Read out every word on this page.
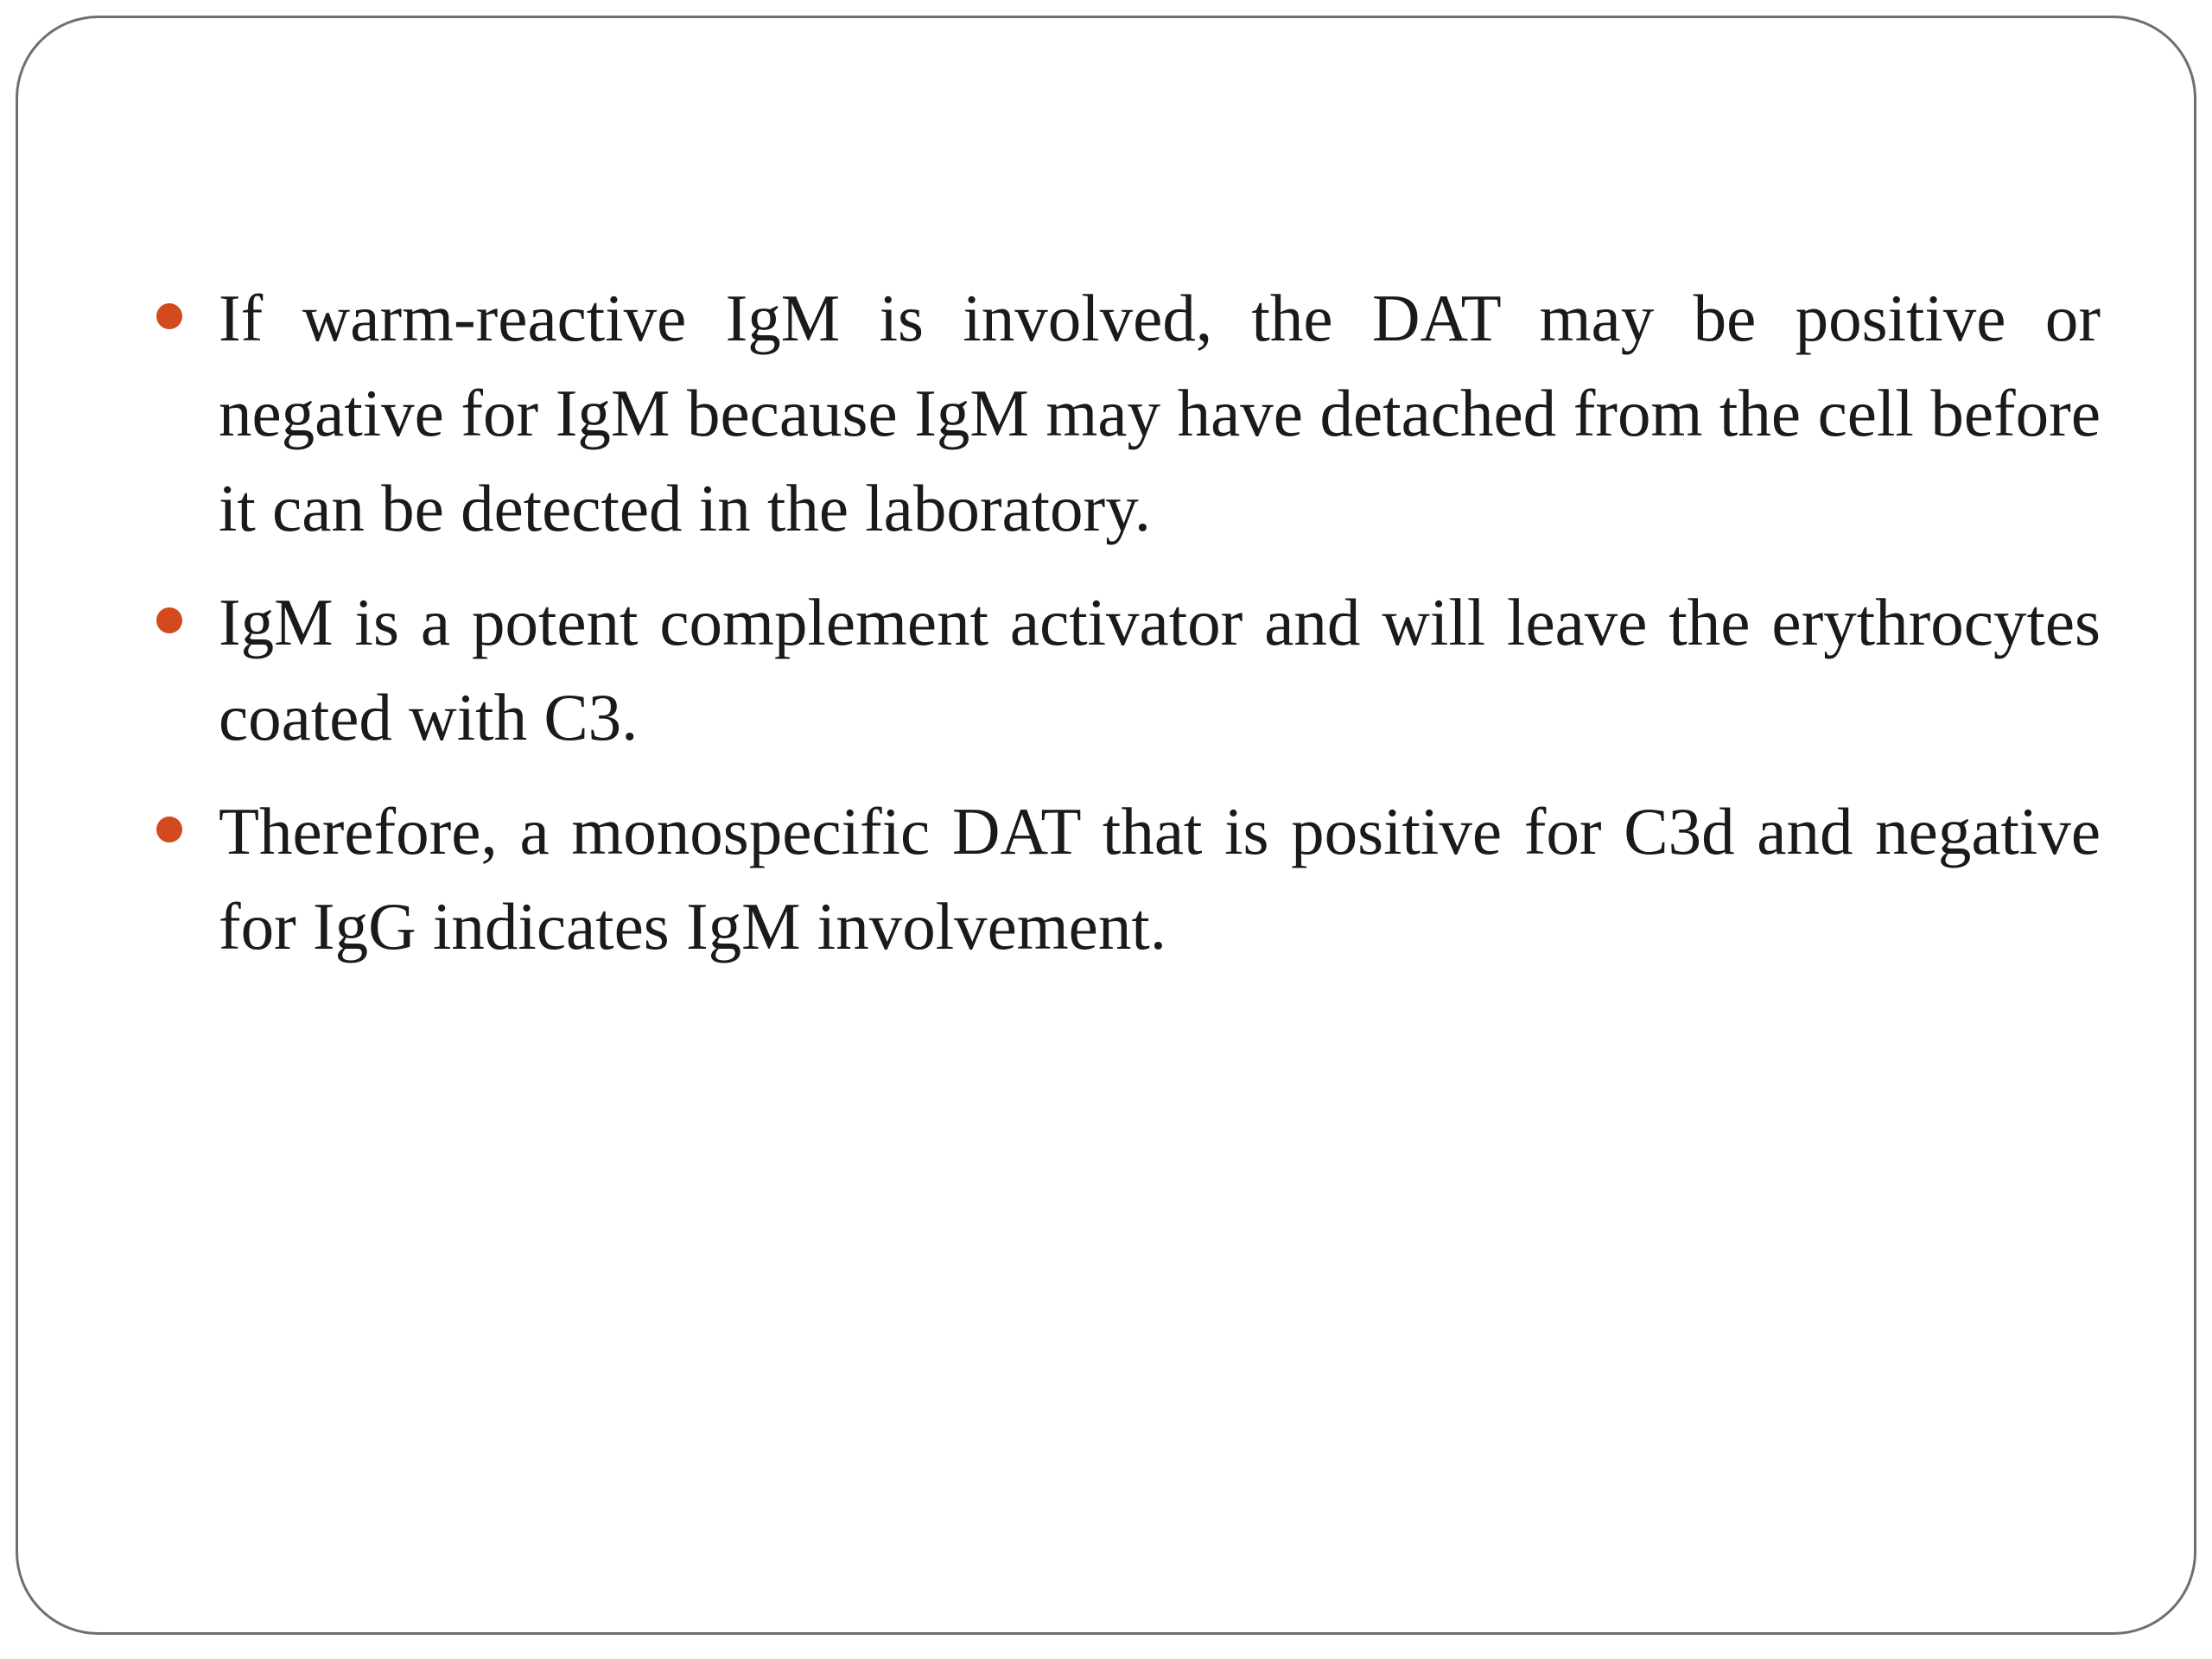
If warm-reactive IgM is involved, the DAT may be positive or negative for IgM because IgM may have detached from the cell before it can be detected in the laboratory.
IgM is a potent complement activator and will leave the erythrocytes coated with C3.
Therefore, a monospecific DAT that is positive for C3d and negative for IgG indicates IgM involvement.
